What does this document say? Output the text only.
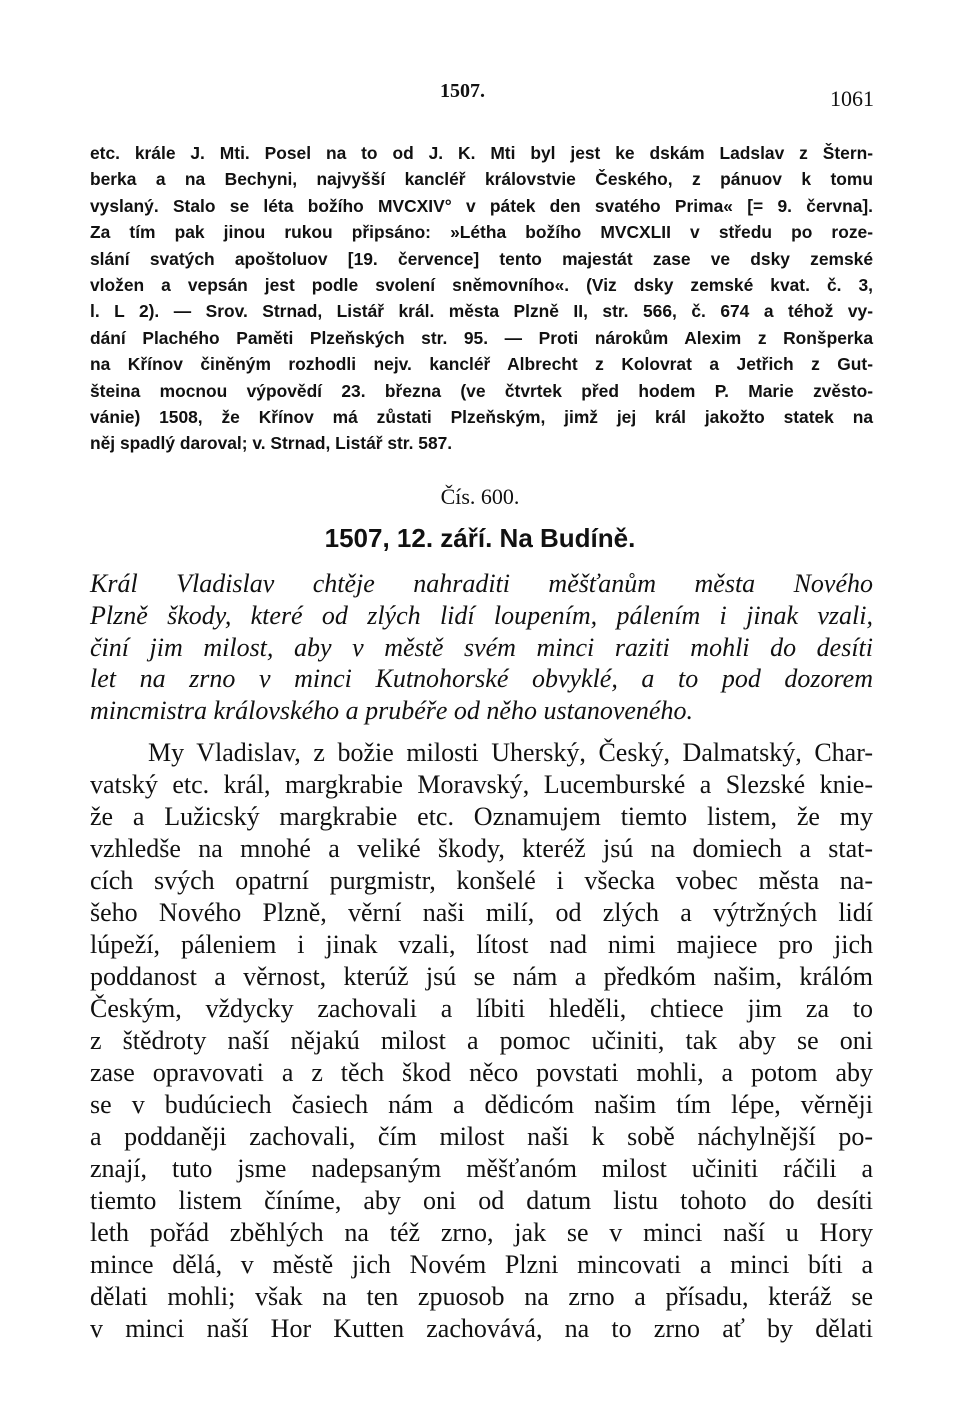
1507.	1061
etc. krále J. Mti. Posel na to od J. K. Mti byl jest ke dskám Ladslav z Štern-
berka a na Bechyni, najvyšší kancléř královstvie Českého, z pánuov k tomu
vyslaný. Stalo se léta božího MVCXIV° v pátek den svatého Prima« [= 9. června].
Za tím pak jinou rukou připsáno: »Létha božího MVCXLII v středu po roze-
slání svatých apoštoluov [19. července] tento majestát zase ve dsky zemské
vložen a vepsán jest podle svolení sněmovního«. (Viz dsky zemské kvat. č. 3,
l. L 2). — Srov. Strnad, Listář král. města Plzně II, str. 566, č. 674 a téhož vy-
dání Plachého Paměti Plzeňských str. 95. — Proti nárokům Alexim z Ronšperka
na Křínov činěným rozhodli nejv. kancléř Albrecht z Kolovrat a Jetřich z Gut-
šteina mocnou výpovědí 23. března (ve čtvrtek před hodem P. Marie zvěsto-
vánie) 1508, že Křínov má zůstati Plzeňským, jimž jej král jakožto statek na
něj spadlý daroval; v. Strnad, Listář str. 587.
Čís. 600.
1507, 12. září. Na Budíně.
Král Vladislav chtěje nahraditi měšťanům města Nového
Plzně škody, které od zlých lidí loupením, pálením i jinak vzali,
činí jim milost, aby v městě svém minci raziti mohli do desíti
let na zrno v minci Kutnohorské obvyklé, a to pod dozorem
mincmistra královského a prubéře od něho ustanoveného.
My Vladislav, z božie milosti Uherský, Český, Dalmatský, Char-
vatský etc. král, margkrabie Moravský, Lucemburské a Slezské knie-
že a Lužicský margkrabie etc. Oznamujem tiemto listem, že my
vzhledše na mnohé a veliké škody, kteréž jsú na domiech a stat-
cích svých opatrní purgmistr, konšelé i všecka vobec města na-
šeho Nového Plzně, věrní naši milí, od zlých a výtržných lidí
lúpeží, páleniem i jinak vzali, lítost nad nimi majiece pro jich
poddanost a věrnost, kterúž jsú se nám a předkóm našim, králóm
Českým, vždycky zachovali a líbiti hleděli, chtiece jim za to
z štědroty naší nějakú milost a pomoc učiniti, tak aby se oni
zase opravovati a z těch škod něco povstati mohli, a potom aby
se v budúciech časiech nám a dědicóm našim tím lépe, věrněji
a poddaněji zachovali, čím milost naši k sobě náchylnější po-
znají, tuto jsme nadepsaným měšťanóm milost učiniti ráčili a
tiemto listem číníme, aby oni od datum listu tohoto do desíti
leth pořád zběhlých na též zrno, jak se v minci naší u Hory
mince dělá, v městě jich Novém Plzni mincovati a minci bíti a
dělati mohli; však na ten zpuosob na zrno a přísadu, kteráž se
v minci naší Hor Kutten zachovává, na to zrno ať by dělati
